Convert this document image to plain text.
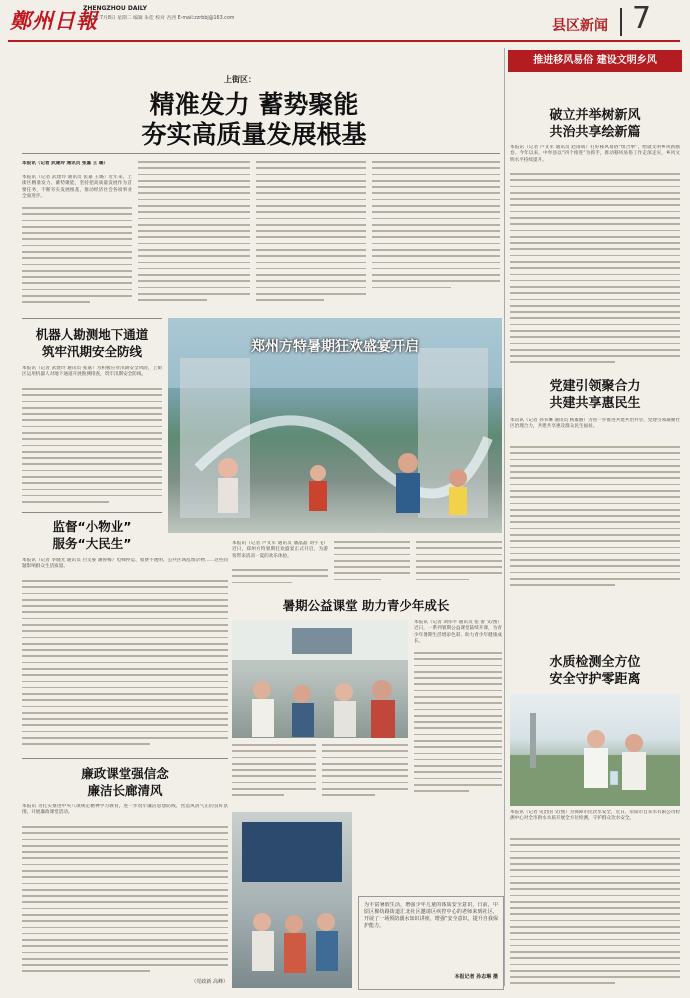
鄭州日報
ZHENGZHOU DAILY
2025年7月8日 星期二 编辑 朱佳 校对 吾西 E-mail:zzrbbj@163.com	县区新闻 7
上街区：
精准发力 蓄势聚能
夯实高质量发展根基
本报讯（记者 武建玲 通讯员 张嘉 王 璐）
本报讯（记者 武建玲 通讯员 张嘉 王璐）近年来，上街区精准发力、蓄势聚能，坚持把高质量发展作为首要任务，不断夯实发展根基，推动经济社会各项事业全面进步。
推进移风易俗 建设文明乡风
破立并举树新风
共治共享绘新篇
本报讯（记者 卢文军 通讯员 赵雨萌）打好移风易俗“组合拳”，绘就文明乡风新画卷。今年以来，中牟县以“四个推进”为抓手，推动移风易俗工作走深走实，乡风文明水平持续提升。
机器人勘测地下通道
筑牢汛期安全防线
本报讯（记者 武建玲 通讯员 张嘉）为积极应对汛期安全风险，上街区运用机器人对地下通道开展勘测排查，筑牢汛期安全防线。
郑州方特暑期狂欢盛宴开启
本报讯（记者 卢文军 通讯员 潘晶晶 刘宇飞）近日，郑州方特暑期狂欢盛宴正式开启，为游客带来清凉一夏的欢乐体验。
监督“小物业”
服务“大民生”
本报讯（记者 李晓光 通讯员 白文豪 潘鲁梅）电梯停运、收费不透明、公共区域乱堆杂物……这些问题影响群众生活质量。
党建引领聚合力
共建共享惠民生
本讯讯（记者 孙书琳 通讯员 杨素丽）为进一步推进共建共治共享，党建引领凝聚社区治理合力，共建共享惠及群众民生福祉。
暑期公益课堂 助力青少年成长
本报讯（记者 刘伟平 通讯员 张 蕾 文/图）近日，一系列暑期公益课堂陆续开课，为青少年暑期生活增添色彩，助力青少年健康成长。
水质检测全方位
安全守护零距离
本报讯（记者 史治国 文/图）为保障市民饮水安全，近日，荥阳市自来水有限公司检测中心对全市供水水质开展全方位检测，守护群众饮水安全。
廉政课堂强信念
廉洁长廊清风
本报讯 为扎实推进中央八项规定精神学习教育，进一步筑牢廉洁思想防线，营造风清气正的良好氛围，开展廉政课堂活动。
（党政新 高峰）
为丰富暑假生活，增强少年儿童的体质安全意识，日前，中原区棉纺路街道汇北社区邀请区疾控中心的老师来到社区，开展了一场预防溺水知识讲座，增强“安全意识，提升自我保护能力。
本报记者 孙志琳 摄
